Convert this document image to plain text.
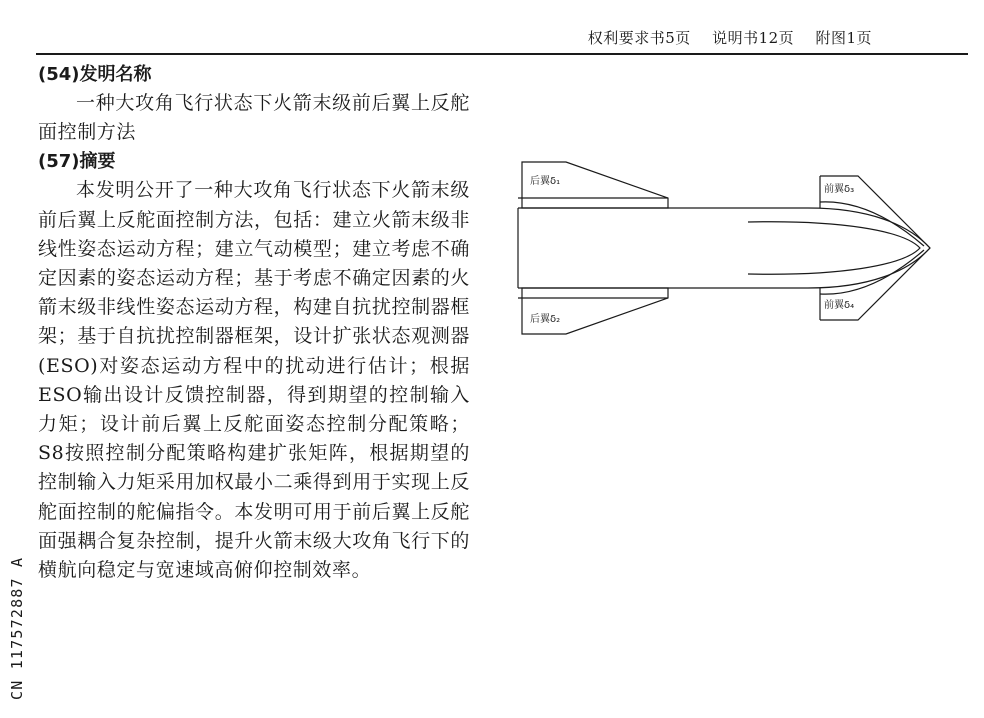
权利要求书5页 说明书12页 附图1页
(54)发明名称

一种大攻角飞行状态下火箭末级前后翼上反舵面控制方法

(57)摘要

本发明公开了一种大攻角飞行状态下火箭末级前后翼上反舵面控制方法，包括：建立火箭末级非线性姿态运动方程；建立气动模型；建立考虑不确定因素的姿态运动方程；基于考虑不确定因素的火箭末级非线性姿态运动方程，构建自抗扰控制器框架；基于自抗扰控制器框架，设计扩张状态观测器(ESO)对姿态运动方程中的扰动进行估计；根据ESO输出设计反馈控制器，得到期望的控制输入力矩；设计前后翼上反舵面姿态控制分配策略；S8按照控制分配策略构建扩张矩阵，根据期望的控制输入力矩采用加权最小二乘得到用于实现上反舵面控制的舵偏指令。本发明可用于前后翼上反舵面强耦合复杂控制，提升火箭末级大攻角飞行下的横航向稳定与宽速域高俯仰控制效率。

CN 117572887 A
后翼δ₁
前翼δ₃
前翼δ₄
后翼δ₂
